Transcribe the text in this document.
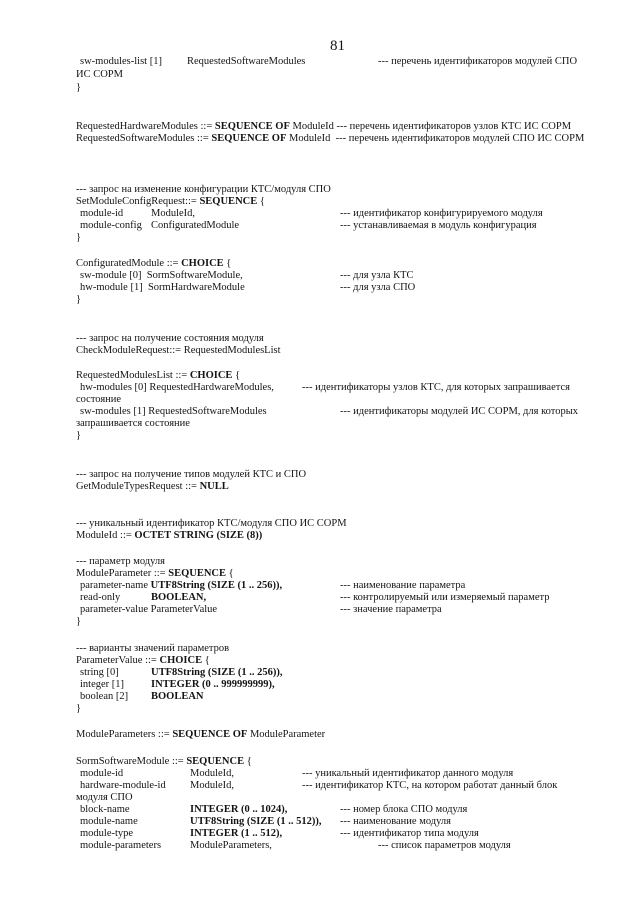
81
sw-modules-list [1] RequestedSoftwareModules	--- перечень идентификаторов модулей СПО
ИС СОРМ
}
RequestedHardwareModules ::= SEQUENCE OF ModuleId --- перечень идентификаторов узлов КТС ИС СОРМ
RequestedSoftwareModules ::= SEQUENCE OF ModuleId  --- перечень идентификаторов модулей СПО ИС СОРМ
--- запрос на изменение конфигурации КТС/модуля СПО
SetModuleConfigRequest::= SEQUENCE {
module-id	ModuleId,	--- идентификатор конфигурируемого модуля
module-config ConfiguratedModule	--- устанавливаемая в модуль конфигурация
}
ConfiguratedModule ::= CHOICE {
sw-module [0]  SormSoftwareModule,	--- для узла КТС
hw-module [1]  SormHardwareModule	--- для узла СПО
}
--- запрос на получение состояния модуля
CheckModuleRequest::= RequestedModulesList
RequestedModulesList ::= CHOICE {
hw-modules [0] RequestedHardwareModules,	--- идентификаторы узлов КТС, для которых запрашивается
состояние
sw-modules [1] RequestedSoftwareModules	--- идентификаторы модулей ИС СОРМ, для которых
запрашивается состояние
}
--- запрос на получение типов модулей КТС и СПО
GetModuleTypesRequest ::= NULL
--- уникальный идентификатор КТС/модуля СПО ИС СОРМ
ModuleId ::= OCTET STRING (SIZE (8))
--- параметр модуля
ModuleParameter ::= SEQUENCE {
parameter-name UTF8String (SIZE (1 .. 256)),	--- наименование параметра
read-only	BOOLEAN,	--- контролируемый или измеряемый параметр
parameter-value ParameterValue	--- значение параметра
}
--- варианты значений параметров
ParameterValue ::= CHOICE {
string [0]	UTF8String (SIZE (1 .. 256)),
integer [1]	INTEGER (0 .. 999999999),
boolean [2] BOOLEAN
}
ModuleParameters ::= SEQUENCE OF ModuleParameter
SormSoftwareModule ::= SEQUENCE {
module-id	ModuleId,	--- уникальный идентификатор данного модуля
hardware-module-id ModuleId,	--- идентификатор КТС, на котором работат данный блок
модуля СПО
block-name	INTEGER (0 .. 1024),	--- номер блока СПО модуля
module-name	UTF8String (SIZE (1 .. 512)), --- наименование модуля
module-type	INTEGER (1 .. 512),	--- идентификатор типа модуля
module-parameters	ModuleParameters,	--- список параметров модуля
